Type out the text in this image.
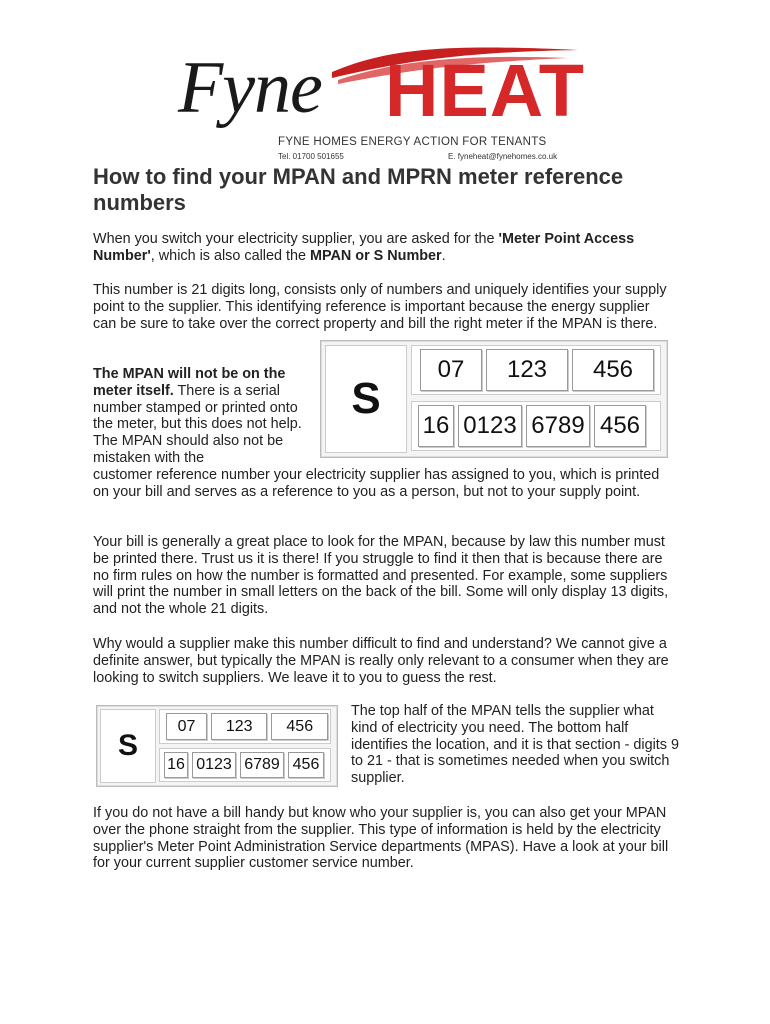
Fyne HEAT
FYNE HOMES ENERGY ACTION FOR TENANTS
Tel. 01700 501655	E. fyneheat@fynehomes.co.uk
How to find your MPAN and MPRN meter reference numbers

When you switch your electricity supplier, you are asked for the 'Meter Point Access Number', which is also called the MPAN or S Number.

This number is 21 digits long, consists only of numbers and uniquely identifies your supply point to the supplier. This identifying reference is important because the energy supplier can be sure to take over the correct property and bill the right meter if the MPAN is there.

The MPAN will not be on the meter itself. There is a serial number stamped or printed onto the meter, but this does not help. The MPAN should also not be mistaken with the

customer reference number your electricity supplier has assigned to you, which is printed on your bill and serves as a reference to you as a person, but not to your supply point.

S
07	123	456
16 0123 6789 456

Your bill is generally a great place to look for the MPAN, because by law this number must be printed there. Trust us it is there! If you struggle to find it then that is because there are no firm rules on how the number is formatted and presented. For example, some suppliers will print the number in small letters on the back of the bill. Some will only display 13 digits, and not the whole 21 digits.

Why would a supplier make this number difficult to find and understand? We cannot give a definite answer, but typically the MPAN is really only relevant to a consumer when they are looking to switch suppliers. We leave it to you to guess the rest.

S
07	123	456
16 0123 6789 456

The top half of the MPAN tells the supplier what kind of electricity you need. The bottom half identifies the location, and it is that section - digits 9 to 21 - that is sometimes needed when you switch supplier.

If you do not have a bill handy but know who your supplier is, you can also get your MPAN over the phone straight from the supplier. This type of information is held by the electricity supplier's Meter Point Administration Service departments (MPAS). Have a look at your bill for your current supplier customer service number.
